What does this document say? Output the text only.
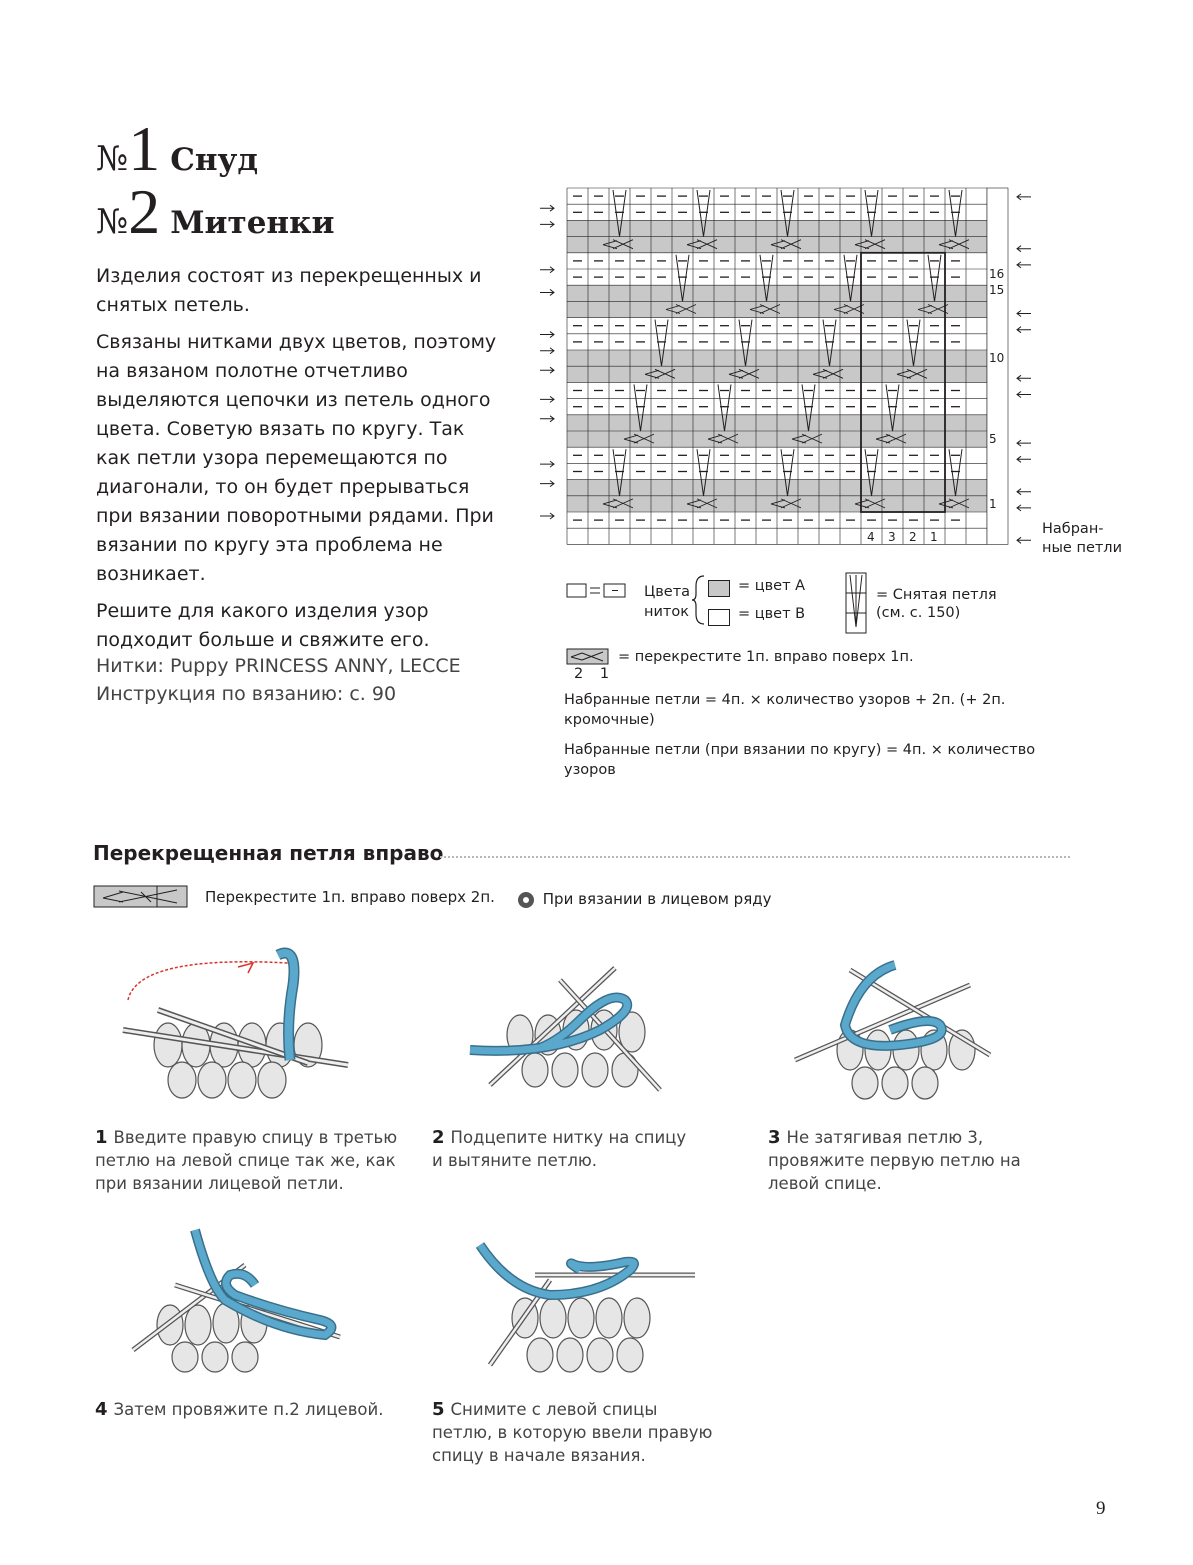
№1 Снуд
№2 Митенки

Изделия состоят из перекрещенных и снятых петель.

Связаны нитками двух цветов, поэтому на вязаном полотне отчетливо выделяются цепочки из петель одного цвета. Советую вязать по кругу. Так как петли узора перемещаются по диагонали, то он будет прерываться при вязании поворотными рядами. При вязании по кругу эта проблема не возникает.

Решите для какого изделия узор подходит больше и свяжите его.

Нитки: Puppy PRINCESS ANNY, LECCE
Инструкция по вязанию: с. 90
16
15
10
5
1
4 3 2 1
Набран-ные петли
Цвета ниток
= цвет А
= цвет В
= Снятая петля (см. с. 150)
2 1
= перекрестите 1п. вправо поверх 1п.
Набранные петли = 4п. × количество узоров + 2п. (+ 2п. кромочные)
Набранные петли (при вязании по кругу) = 4п. × количество узоров
Перекрещенная петля вправо
Перекрестите 1п. вправо поверх 2п.	При вязании в лицевом ряду
1 Введите правую спицу в третью петлю на левой спице так же, как при вязании лицевой петли.
2 Подцепите нитку на спицу и вытяните петлю.
3 Не затягивая петлю 3, провяжите первую петлю на левой спице.
4 Затем провяжите п.2 лицевой.	5 Снимите с левой спицы петлю, в которую ввели правую спицу в начале вязания.
9
